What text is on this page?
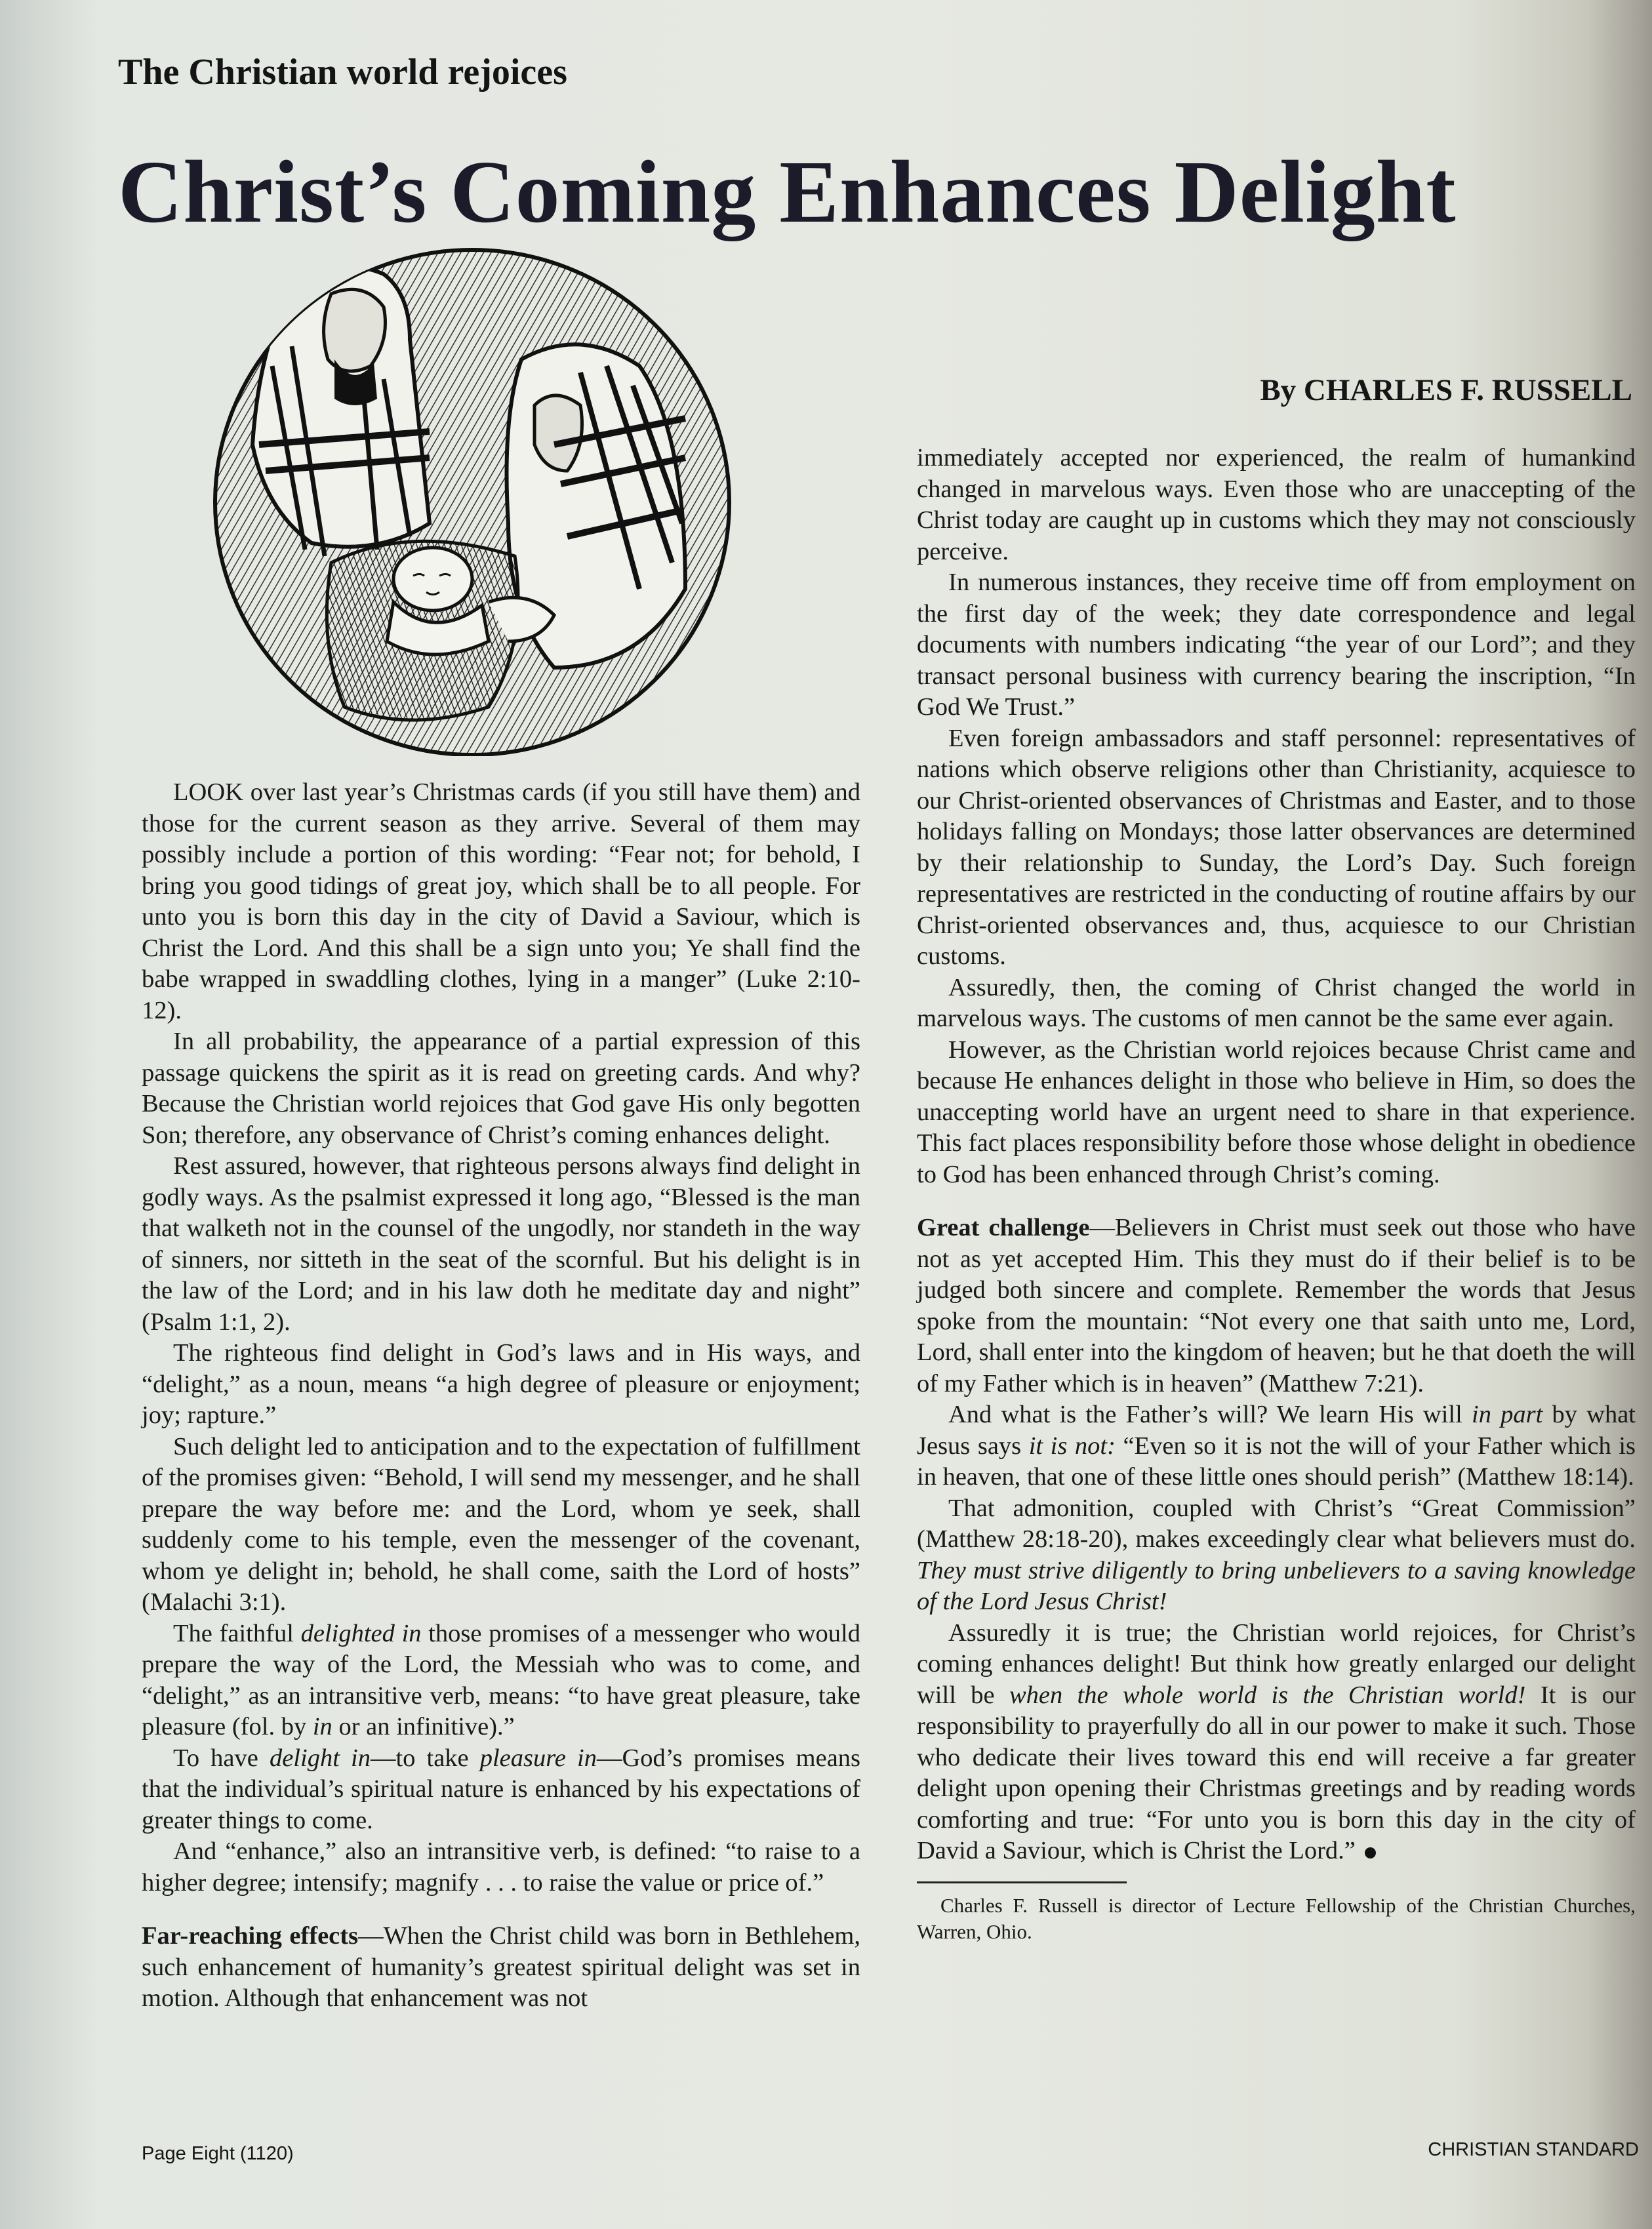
The Christian world rejoices
Christ’s Coming Enhances Delight
By CHARLES F. RUSSELL

LOOK over last year’s Christmas cards (if you still have them) and those for the current season as they arrive. Several of them may possibly include a portion of this wording: “Fear not; for behold, I bring you good tidings of great joy, which shall be to all people. For unto you is born this day in the city of David a Saviour, which is Christ the Lord. And this shall be a sign unto you; Ye shall find the babe wrapped in swaddling clothes, lying in a manger” (Luke 2:10-12).

In all probability, the appearance of a partial expression of this passage quickens the spirit as it is read on greeting cards. And why? Because the Christian world rejoices that God gave His only begotten Son; therefore, any observance of Christ’s coming enhances delight.

Rest assured, however, that righteous persons always find delight in godly ways. As the psalmist expressed it long ago, “Blessed is the man that walketh not in the counsel of the ungodly, nor standeth in the way of sinners, nor sitteth in the seat of the scornful. But his delight is in the law of the Lord; and in his law doth he meditate day and night” (Psalm 1:1, 2).

The righteous find delight in God’s laws and in His ways, and “delight,” as a noun, means “a high degree of pleasure or enjoyment; joy; rapture.”

Such delight led to anticipation and to the expectation of fulfillment of the promises given: “Behold, I will send my messenger, and he shall prepare the way before me: and the Lord, whom ye seek, shall suddenly come to his temple, even the messenger of the covenant, whom ye delight in; behold, he shall come, saith the Lord of hosts” (Malachi 3:1).

The faithful delighted in those promises of a messenger who would prepare the way of the Lord, the Messiah who was to come, and “delight,” as an intransitive verb, means: “to have great pleasure, take pleasure (fol. by in or an infinitive).”

To have delight in—to take pleasure in—God’s promises means that the individual’s spiritual nature is enhanced by his expectations of greater things to come.

And “enhance,” also an intransitive verb, is defined: “to raise to a higher degree; intensify; magnify . . . to raise the value or price of.”

Far-reaching effects—When the Christ child was born in Bethlehem, such enhancement of humanity’s greatest spiritual delight was set in motion. Although that enhancement was not

immediately accepted nor experienced, the realm of humankind changed in marvelous ways. Even those who are unaccepting of the Christ today are caught up in customs which they may not consciously perceive.

In numerous instances, they receive time off from employment on the first day of the week; they date correspondence and legal documents with numbers indicating “the year of our Lord”; and they transact personal business with currency bearing the inscription, “In God We Trust.”

Even foreign ambassadors and staff personnel: representatives of nations which observe religions other than Christianity, acquiesce to our Christ-oriented observances of Christmas and Easter, and to those holidays falling on Mondays; those latter observances are determined by their relationship to Sunday, the Lord’s Day. Such foreign representatives are restricted in the conducting of routine affairs by our Christ-oriented observances and, thus, acquiesce to our Christian customs.

Assuredly, then, the coming of Christ changed the world in marvelous ways. The customs of men cannot be the same ever again.

However, as the Christian world rejoices because Christ came and because He enhances delight in those who believe in Him, so does the unaccepting world have an urgent need to share in that experience. This fact places responsibility before those whose delight in obedience to God has been enhanced through Christ’s coming.

Great challenge—Believers in Christ must seek out those who have not as yet accepted Him. This they must do if their belief is to be judged both sincere and complete. Remember the words that Jesus spoke from the mountain: “Not every one that saith unto me, Lord, Lord, shall enter into the kingdom of heaven; but he that doeth the will of my Father which is in heaven” (Matthew 7:21).

And what is the Father’s will? We learn His will in part by what Jesus says it is not: “Even so it is not the will of your Father which is in heaven, that one of these little ones should perish” (Matthew 18:14).

That admonition, coupled with Christ’s “Great Commission” (Matthew 28:18-20), makes exceedingly clear what believers must do. They must strive diligently to bring unbelievers to a saving knowledge of the Lord Jesus Christ!

Assuredly it is true; the Christian world rejoices, for Christ’s coming enhances delight! But think how greatly enlarged our delight will be when the whole world is the Christian world! It is our responsibility to prayerfully do all in our power to make it such. Those who dedicate their lives toward this end will receive a far greater delight upon opening their Christmas greetings and by reading words comforting and true: “For unto you is born this day in the city of David a Saviour, which is Christ the Lord.”

Charles F. Russell is director of Lecture Fellowship of the Christian Churches, Warren, Ohio.

Page Eight (1120)	CHRISTIAN STANDARD
